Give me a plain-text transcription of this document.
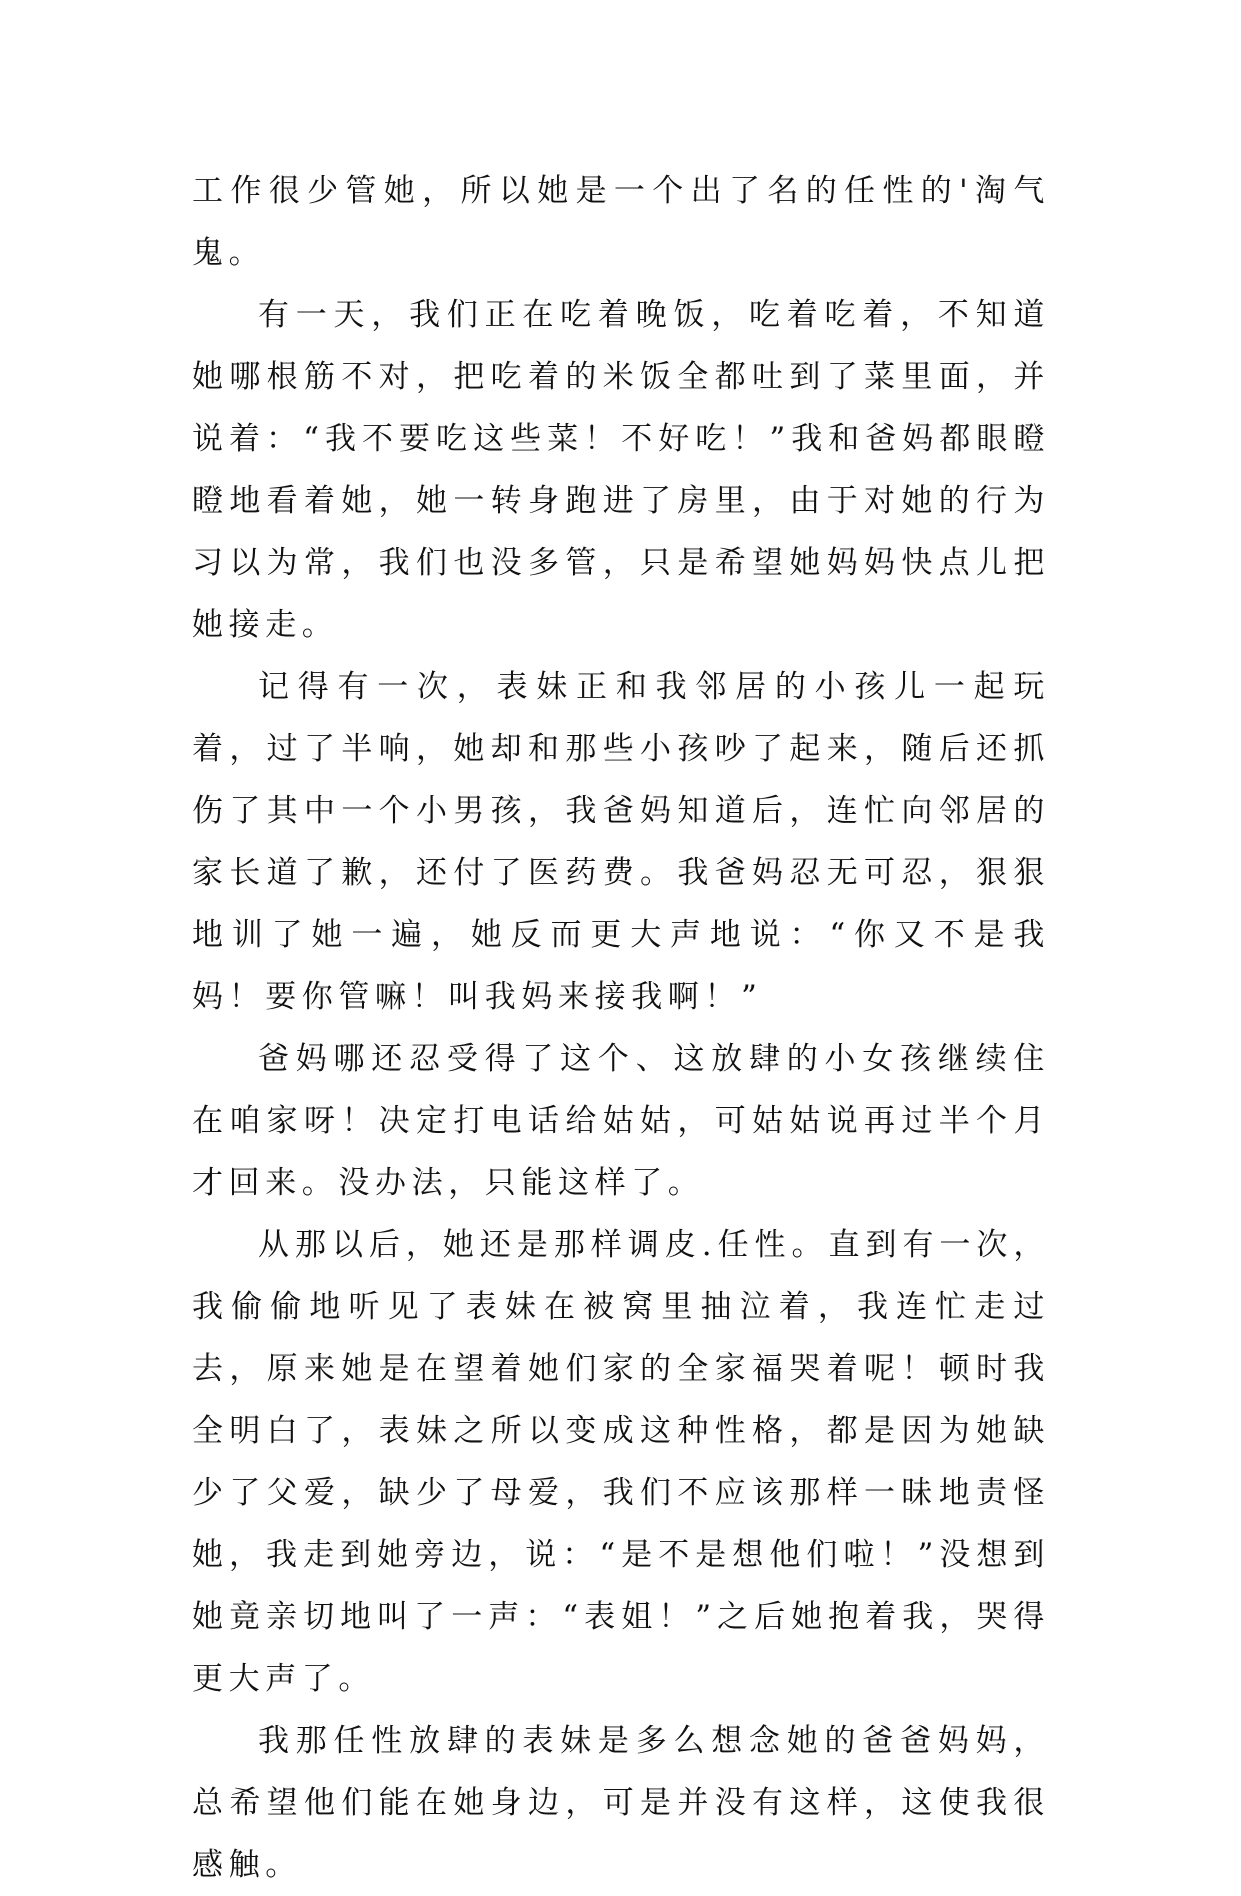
工作很少管她，所以她是一个出了名的任性的'淘气鬼。

有一天，我们正在吃着晚饭，吃着吃着，不知道她哪根筋不对，把吃着的米饭全都吐到了菜里面，并说着：“我不要吃这些菜！不好吃！”我和爸妈都眼瞪瞪地看着她，她一转身跑进了房里，由于对她的行为习以为常，我们也没多管，只是希望她妈妈快点儿把她接走。

记得有一次，表妹正和我邻居的小孩儿一起玩着，过了半响，她却和那些小孩吵了起来，随后还抓伤了其中一个小男孩，我爸妈知道后，连忙向邻居的家长道了歉，还付了医药费。我爸妈忍无可忍，狠狠地训了她一遍，她反而更大声地说：“你又不是我妈！要你管嘛！叫我妈来接我啊！”

爸妈哪还忍受得了这个、这放肆的小女孩继续住在咱家呀！决定打电话给姑姑，可姑姑说再过半个月才回来。没办法，只能这样了。

从那以后，她还是那样调皮.任性。直到有一次，我偷偷地听见了表妹在被窝里抽泣着，我连忙走过去，原来她是在望着她们家的全家福哭着呢！顿时我全明白了，表妹之所以变成这种性格，都是因为她缺少了父爱，缺少了母爱，我们不应该那样一昧地责怪她，我走到她旁边，说：“是不是想他们啦！”没想到她竟亲切地叫了一声：“表姐！”之后她抱着我，哭得更大声了。

我那任性放肆的表妹是多么想念她的爸爸妈妈，总希望他们能在她身边，可是并没有这样，这使我很感触。
